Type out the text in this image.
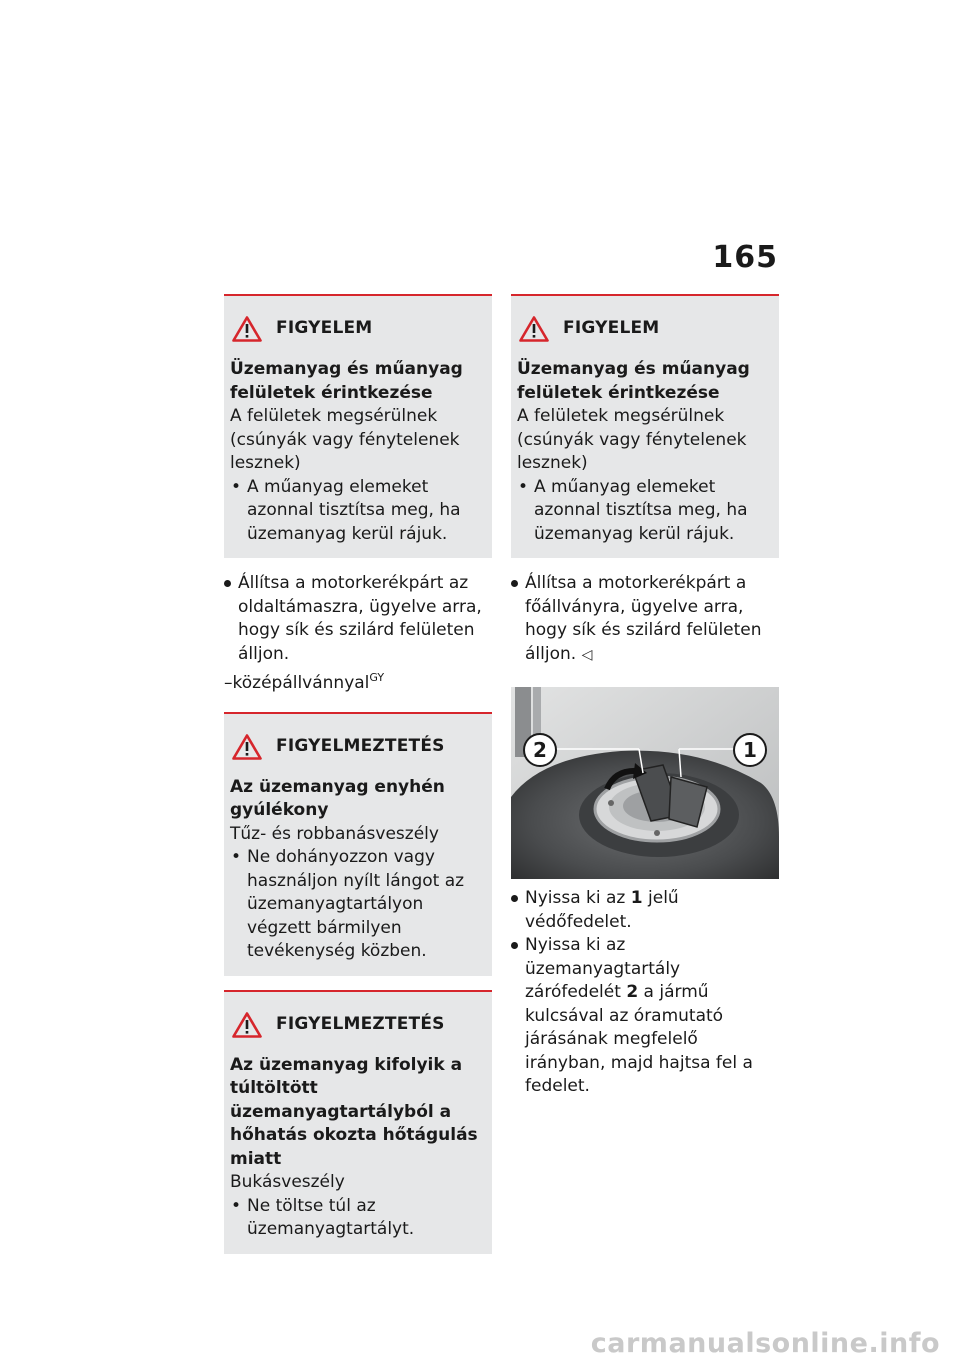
165
FIGYELEM
Üzemanyag és műanyag felületek érintkezése
A felületek megsérülnek (csúnyák vagy fénytelenek lesznek)
• A műanyag elemeket azonnal tisztítsa meg, ha üzemanyag kerül rájuk.
Állítsa a motorkerékpárt az oldaltámaszra, ügyelve arra, hogy sík és szilárd felületen álljon.
–középállvánnyal$^{GY}$
FIGYELMEZTETÉS
Az üzemanyag enyhén gyúlékony
Tűz- és robbanásveszély
• Ne dohányozzon vagy használjon nyílt lángot az üzemanyagtartályon végzett bármilyen tevékenység közben.
FIGYELMEZTETÉS
Az üzemanyag kifolyik a túltöltött üzemanyagtartályból a hőhatás okozta hőtágulás miatt
Bukásveszély
• Ne töltse túl az üzemanyagtartályt.
FIGYELEM
Üzemanyag és műanyag felületek érintkezése
A felületek megsérülnek (csúnyák vagy fénytelenek lesznek)
• A műanyag elemeket azonnal tisztítsa meg, ha üzemanyag kerül rájuk.
Állítsa a motorkerékpárt a főállványra, ügyelve arra, hogy sík és szilárd felületen álljon. ◁
2	1
Nyissa ki az 1 jelű védőfedelet.
Nyissa ki az üzemanyagtartály zárófedelét 2 a jármű kulcsával az óramutató járásának megfelelő irányban, majd hajtsa fel a fedelet.
carmanualsonline.info
